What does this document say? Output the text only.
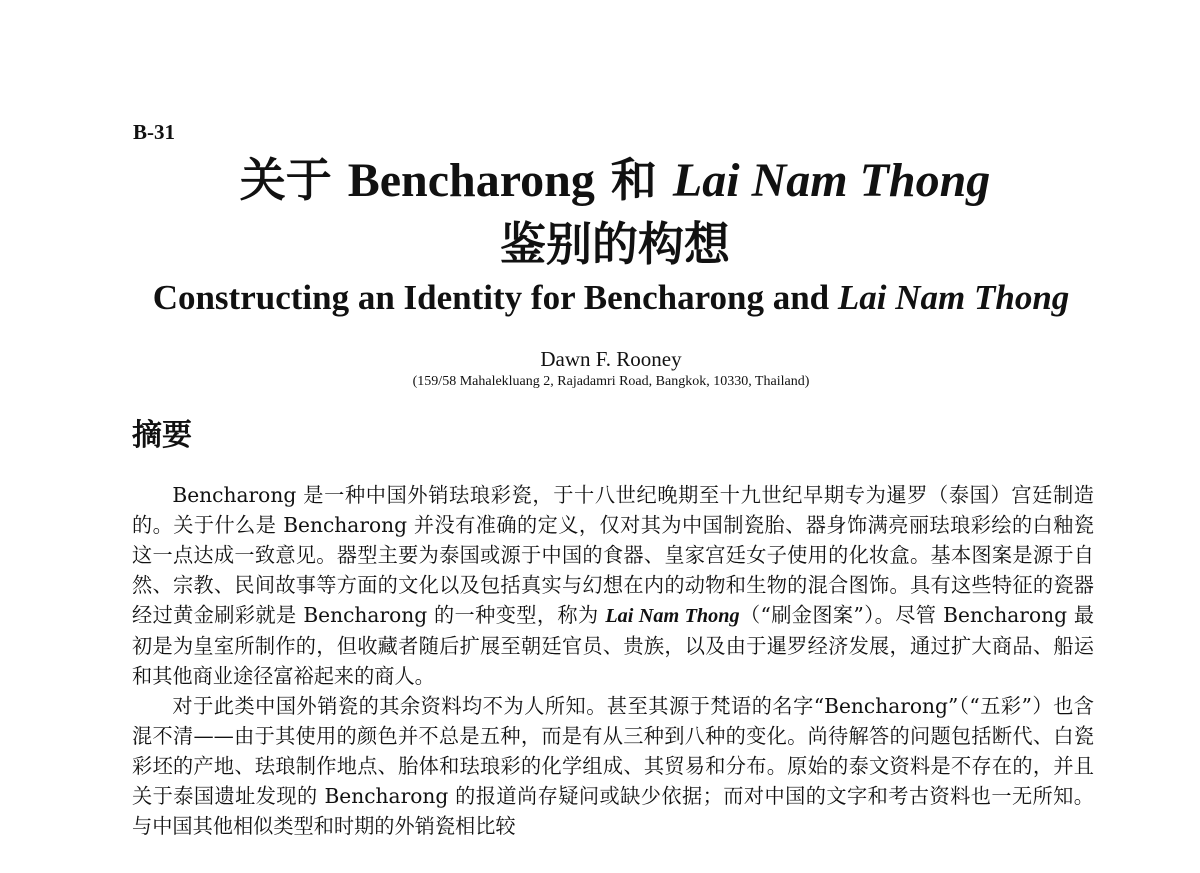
B-31
关于 Bencharong 和 Lai Nam Thong
鉴别的构想
Constructing an Identity for Bencharong and Lai Nam Thong
Dawn F. Rooney
(159/58 Mahalekluang 2, Rajadamri Road, Bangkok, 10330, Thailand)
摘要

Bencharong 是一种中国外销珐琅彩瓷，于十八世纪晚期至十九世纪早期专为暹罗（泰国）宫廷制造的。关于什么是 Bencharong 并没有准确的定义，仅对其为中国制瓷胎、器身饰满亮丽珐琅彩绘的白釉瓷这一点达成一致意见。器型主要为泰国或源于中国的食器、皇家宫廷女子使用的化妆盒。基本图案是源于自然、宗教、民间故事等方面的文化以及包括真实与幻想在内的动物和生物的混合图饰。具有这些特征的瓷器经过黄金刷彩就是 Bencharong 的一种变型，称为 Lai Nam Thong（“刷金图案”）。尽管 Bencharong 最初是为皇室所制作的，但收藏者随后扩展至朝廷官员、贵族，以及由于暹罗经济发展，通过扩大商品、船运和其他商业途径富裕起来的商人。

对于此类中国外销瓷的其余资料均不为人所知。甚至其源于梵语的名字“Bencharong”（“五彩”）也含混不清——由于其使用的颜色并不总是五种，而是有从三种到八种的变化。尚待解答的问题包括断代、白瓷彩坯的产地、珐琅制作地点、胎体和珐琅彩的化学组成、其贸易和分布。原始的泰文资料是不存在的，并且关于泰国遗址发现的 Bencharong 的报道尚存疑问或缺少依据；而对中国的文字和考古资料也一无所知。与中国其他相似类型和时期的外销瓷相比较
